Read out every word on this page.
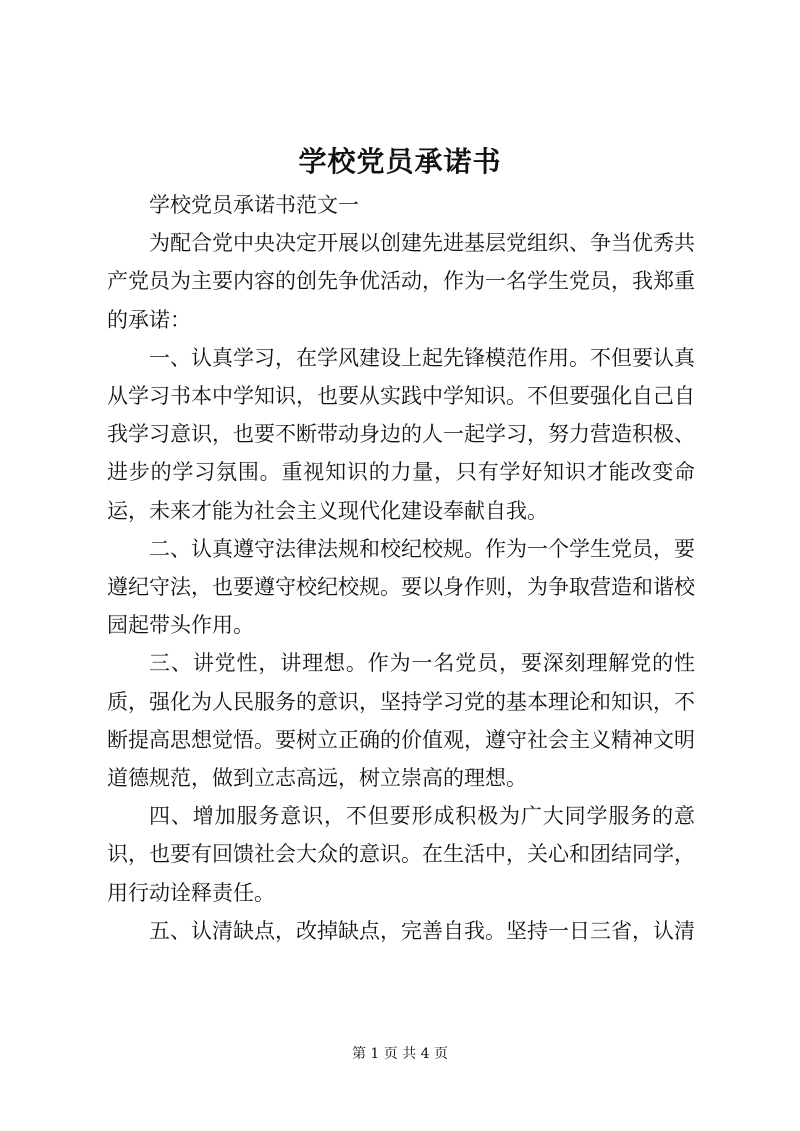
学校党员承诺书

学校党员承诺书范文一

为配合党中央决定开展以创建先进基层党组织、争当优秀共产党员为主要内容的创先争优活动，作为一名学生党员，我郑重的承诺：

一、认真学习，在学风建设上起先锋模范作用。不但要认真从学习书本中学知识，也要从实践中学知识。不但要强化自己自我学习意识，也要不断带动身边的人一起学习，努力营造积极、进步的学习氛围。重视知识的力量，只有学好知识才能改变命运，未来才能为社会主义现代化建设奉献自我。

二、认真遵守法律法规和校纪校规。作为一个学生党员，要遵纪守法，也要遵守校纪校规。要以身作则，为争取营造和谐校园起带头作用。

三、讲党性，讲理想。作为一名党员，要深刻理解党的性质，强化为人民服务的意识，坚持学习党的基本理论和知识，不断提高思想觉悟。要树立正确的价值观，遵守社会主义精神文明道德规范，做到立志高远，树立崇高的理想。

四、增加服务意识，不但要形成积极为广大同学服务的意识，也要有回馈社会大众的意识。在生活中，关心和团结同学，用行动诠释责任。

五、认清缺点，改掉缺点，完善自我。坚持一日三省，认清

第 1 页 共 4 页
